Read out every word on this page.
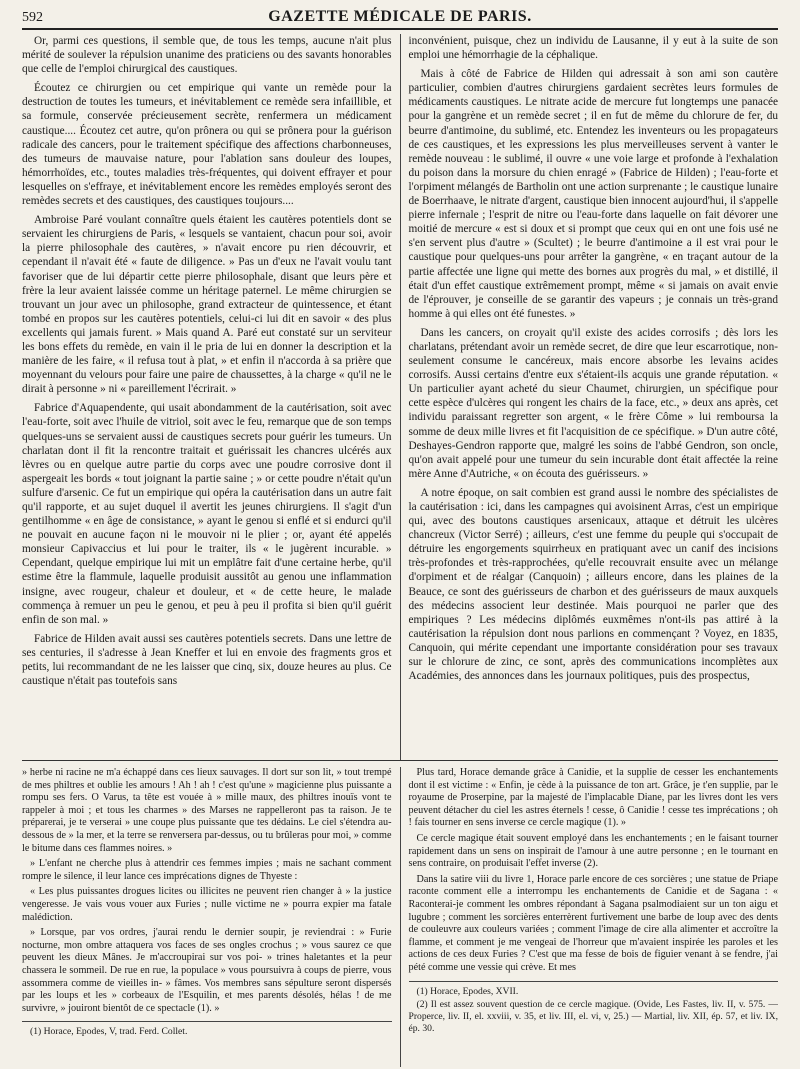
592	GAZETTE MÉDICALE DE PARIS.

Or, parmi ces questions, il semble que, de tous les temps, aucune n'ait plus mérité de soulever la répulsion unanime des praticiens ou des savants honorables que celle de l'emploi chirurgical des caustiques.

Écoutez ce chirurgien ou cet empirique qui vante un remède pour la destruction de toutes les tumeurs, et inévitablement ce remède sera infaillible, et sa formule, conservée précieusement secrète, renfermera un médicament caustique.... Écoutez cet autre, qu'on prônera ou qui se prônera pour la guérison radicale des cancers, pour le traitement spécifique des affections charbonneuses, des tumeurs de mauvaise nature, pour l'ablation sans douleur des loupes, hémorrhoïdes, etc., toutes maladies très-fréquentes, qui doivent effrayer et pour lesquelles on s'effraye, et inévitablement encore les remèdes employés seront des remèdes secrets et des caustiques, des caustiques toujours....

Ambroise Paré voulant connaître quels étaient les cautères potentiels dont se servaient les chirurgiens de Paris, « lesquels se vantaient, chacun pour soi, avoir la pierre philosophale des cautères, » n'avait encore pu rien découvrir, et cependant il n'avait été « faute de diligence. » Pas un d'eux ne l'avait voulu tant favoriser que de lui départir cette pierre philosophale, disant que leurs père et frère la leur avaient laissée comme un héritage paternel. Le même chirurgien se trouvant un jour avec un philosophe, grand extracteur de quintessence, et étant tombé en propos sur les cautères potentiels, celui-ci lui dit en savoir « des plus excellents qui jamais furent. » Mais quand A. Paré eut constaté sur un serviteur les bons effets du remède, en vain il le pria de lui en donner la description et la manière de les faire, « il refusa tout à plat, » et enfin il n'accorda à sa prière que moyennant du velours pour faire une paire de chaussettes, à la charge « qu'il ne le dirait à personne » ni « pareillement l'écrirait. »

Fabrice d'Aquapendente, qui usait abondamment de la cautérisation, soit avec l'eau-forte, soit avec l'huile de vitriol, soit avec le feu, remarque que de son temps quelques-uns se servaient aussi de caustiques secrets pour guérir les tumeurs. Un charlatan dont il fit la rencontre traitait et guérissait les chancres ulcérés aux lèvres ou en quelque autre partie du corps avec une poudre corrosive dont il aspergeait les bords « tout joignant la partie saine ; » or cette poudre n'était qu'un sulfure d'arsenic. Ce fut un empirique qui opéra la cautérisation dans un autre fait qu'il rapporte, et au sujet duquel il avertit les jeunes chirurgiens. Il s'agit d'un gentilhomme « en âge de consistance, » ayant le genou si enflé et si endurci qu'il ne pouvait en aucune façon ni le mouvoir ni le plier ; or, ayant été appelés monsieur Capivaccius et lui pour le traiter, ils « le jugèrent incurable. » Cependant, quelque empirique lui mit un emplâtre fait d'une certaine herbe, qu'il estime être la flammule, laquelle produisit aussitôt au genou une inflammation insigne, avec rougeur, chaleur et douleur, et « de cette heure, le malade commença à remuer un peu le genou, et peu à peu il profita si bien qu'il guérit enfin de son mal. »

Fabrice de Hilden avait aussi ses cautères potentiels secrets. Dans une lettre de ses centuries, il s'adresse à Jean Kneffer et lui en envoie des fragments gros et petits, lui recommandant de ne les laisser que cinq, six, douze heures au plus. Ce caustique n'était pas toutefois sans

inconvénient, puisque, chez un individu de Lausanne, il y eut à la suite de son emploi une hémorrhagie de la céphalique.

Mais à côté de Fabrice de Hilden qui adressait à son ami son cautère particulier, combien d'autres chirurgiens gardaient secrètes leurs formules de médicaments caustiques. Le nitrate acide de mercure fut longtemps une panacée pour la gangrène et un remède secret ; il en fut de même du chlorure de fer, du beurre d'antimoine, du sublimé, etc. Entendez les inventeurs ou les propagateurs de ces caustiques, et les expressions les plus merveilleuses servent à vanter le remède nouveau : le sublimé, il ouvre « une voie large et profonde à l'exhalation du poison dans la morsure du chien enragé » (Fabrice de Hilden) ; l'eau-forte et l'orpiment mélangés de Bartholin ont une action surprenante ; le caustique lunaire de Boerrhaave, le nitrate d'argent, caustique bien innocent aujourd'hui, il s'appelle pierre infernale ; l'esprit de nitre ou l'eau-forte dans laquelle on fait dévorer une moitié de mercure « est si doux et si prompt que ceux qui en ont une fois usé ne s'en servent plus d'autre » (Scultet) ; le beurre d'antimoine a il est vrai pour le caustique pour quelques-uns pour arrêter la gangrène, « en traçant autour de la partie affectée une ligne qui mette des bornes aux progrès du mal, » et distillé, il était d'un effet caustique extrêmement prompt, même « si jamais on avait envie de l'éprouver, je conseille de se garantir des vapeurs ; je connais un très-grand homme à qui elles ont été funestes. »

Dans les cancers, on croyait qu'il existe des acides corrosifs ; dès lors les charlatans, prétendant avoir un remède secret, de dire que leur escarrotique, non-seulement consume le cancéreux, mais encore absorbe les levains acides corrosifs. Aussi certains d'entre eux s'étaient-ils acquis une grande réputation. « Un particulier ayant acheté du sieur Chaumet, chirurgien, un spécifique pour cette espèce d'ulcères qui rongent les chairs de la face, etc., » deux ans après, cet individu paraissant regretter son argent, « le frère Côme » lui remboursa la somme de deux mille livres et fit l'acquisition de ce spécifique. » D'un autre côté, Deshayes-Gendron rapporte que, malgré les soins de l'abbé Gendron, son oncle, qu'on avait appelé pour une tumeur du sein incurable dont était affectée la reine mère Anne d'Autriche, « on écouta des guérisseurs. »

A notre époque, on sait combien est grand aussi le nombre des spécialistes de la cautérisation : ici, dans les campagnes qui avoisinent Arras, c'est un empirique qui, avec des boutons caustiques arsenicaux, attaque et détruit les ulcères chancreux (Victor Serré) ; ailleurs, c'est une femme du peuple qui s'occupait de détruire les engorgements squirrheux en pratiquant avec un canif des incisions très-profondes et très-rapprochées, qu'elle recouvrait ensuite avec un mélange d'orpiment et de réalgar (Canquoin) ; ailleurs encore, dans les plaines de la Beauce, ce sont des guérisseurs de charbon et des guérisseurs de maux auxquels des médecins associent leur destinée. Mais pourquoi ne parler que des empiriques ? Les médecins diplômés euxmêmes n'ont-ils pas attiré à la cautérisation la répulsion dont nous parlions en commençant ? Voyez, en 1835, Canquoin, qui mérite cependant une importante considération pour ses travaux sur le chlorure de zinc, ce sont, après des communications incomplètes aux Académies, des annonces dans les journaux politiques, puis des prospectus,

» herbe ni racine ne m'a échappé dans ces lieux sauvages. Il dort sur son lit, » tout trempé de mes philtres et oublie les amours ! Ah ! ah ! c'est qu'une » magicienne plus puissante a rompu ses fers. O Varus, ta tête est vouée à » mille maux, des philtres inouïs vont te rappeler à moi ; et tous les charmes » des Marses ne rappelleront pas ta raison. Je te préparerai, je te verserai » une coupe plus puissante que tes dédains. Le ciel s'étendra au-dessous de » la mer, et la terre se renversera par-dessus, ou tu brûleras pour moi, » comme le bitume dans ces flammes noires. »

» L'enfant ne cherche plus à attendrir ces femmes impies ; mais ne sachant comment rompre le silence, il leur lance ces imprécations dignes de Thyeste :

« Les plus puissantes drogues licites ou illicites ne peuvent rien changer à » la justice vengeresse. Je vais vous vouer aux Furies ; nulle victime ne » pourra expier ma fatale malédiction.

» Lorsque, par vos ordres, j'aurai rendu le dernier soupir, je reviendrai : » Furie nocturne, mon ombre attaquera vos faces de ses ongles crochus ; » vous saurez ce que peuvent les dieux Mânes. Je m'accroupirai sur vos poi- » trines haletantes et la peur chassera le sommeil. De rue en rue, la populace » vous poursuivra à coups de pierre, vous assommera comme de vieilles in- » fâmes. Vos membres sans sépulture seront dispersés par les loups et les » corbeaux de l'Esquilin, et mes parents désolés, hélas ! de me survivre, » jouiront bientôt de ce spectacle (1). »

(1) Horace, Epodes, V, trad. Ferd. Collet.

Plus tard, Horace demande grâce à Canidie, et la supplie de cesser les enchantements dont il est victime : « Enfin, je cède à la puissance de ton art. Grâce, je t'en supplie, par le royaume de Proserpine, par la majesté de l'implacable Diane, par les livres dont les vers peuvent détacher du ciel les astres éternels ! cesse, ô Canidie ! cesse tes imprécations ; oh ! fais tourner en sens inverse ce cercle magique (1). »

Ce cercle magique était souvent employé dans les enchantements ; en le faisant tourner rapidement dans un sens on inspirait de l'amour à une autre personne ; en le tournant en sens contraire, on produisait l'effet inverse (2).

Dans la satire viii du livre 1, Horace parle encore de ces sorcières ; une statue de Priape raconte comment elle a interrompu les enchantements de Canidie et de Sagana : « Raconterai-je comment les ombres répondant à Sagana psalmodiaient sur un ton aigu et lugubre ; comment les sorcières enterrèrent furtivement une barbe de loup avec des dents de couleuvre aux couleurs variées ; comment l'image de cire alla alimenter et accroître la flamme, et comment je me vengeai de l'horreur que m'avaient inspirée les paroles et les actions de ces deux Furies ? C'est que ma fesse de bois de figuier venant à se fendre, j'ai pété comme une vessie qui crève. Et mes

(1) Horace, Epodes, XVII.
(2) Il est assez souvent question de ce cercle magique. (Ovide, Les Fastes, liv. II, v. 575. — Properce, liv. II, el. xxviii, v. 35, et liv. III, el. vi, v, 25.) — Martial, liv. XII, ép. 57, et liv. IX, ép. 30.
